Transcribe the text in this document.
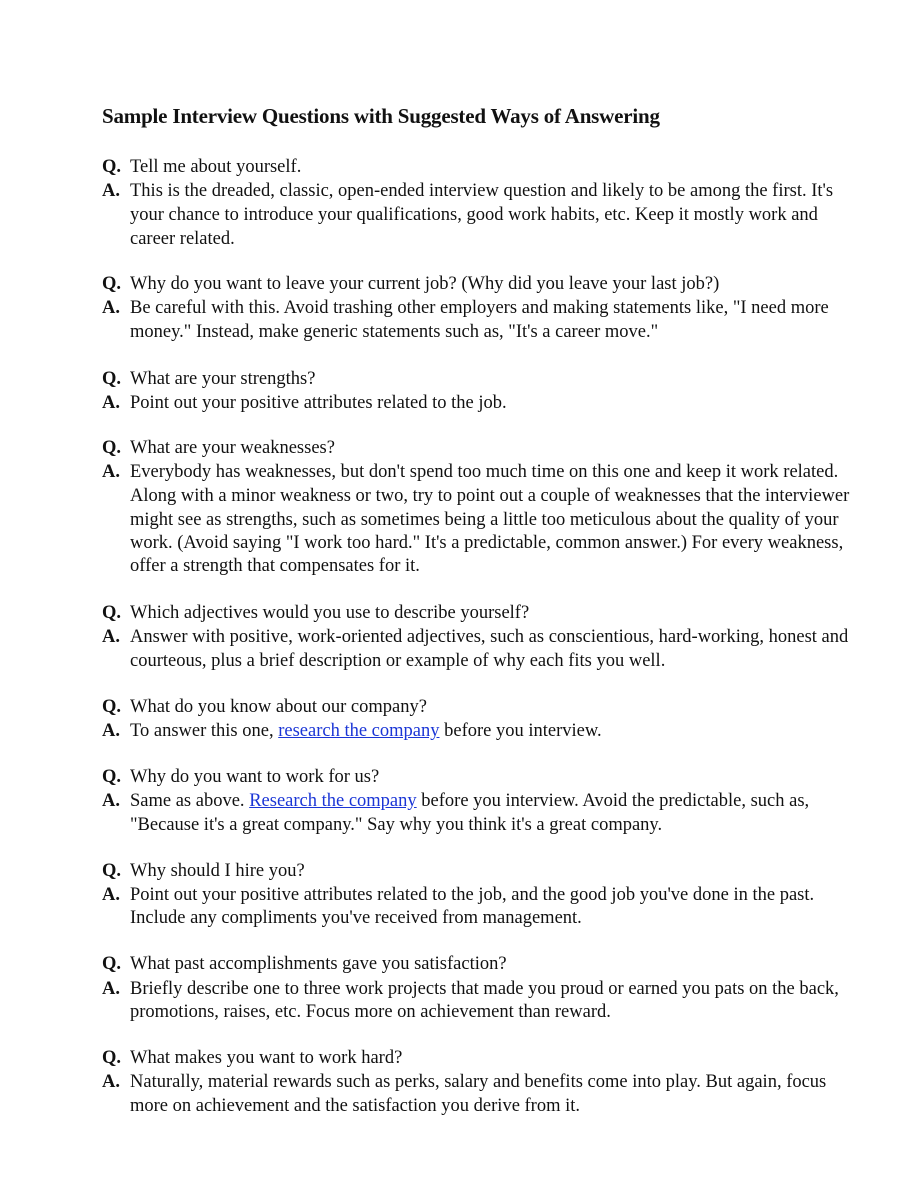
Sample Interview Questions with Suggested Ways of Answering
Q. Tell me about yourself.
A. This is the dreaded, classic, open-ended interview question and likely to be among the first. It's
your chance to introduce your qualifications, good work habits, etc. Keep it mostly work and
career related.
Q. Why do you want to leave your current job? (Why did you leave your last job?)
A. Be careful with this. Avoid trashing other employers and making statements like, "I need more
money." Instead, make generic statements such as, "It's a career move."
Q. What are your strengths?
A. Point out your positive attributes related to the job.
Q. What are your weaknesses?
A. Everybody has weaknesses, but don't spend too much time on this one and keep it work related.
Along with a minor weakness or two, try to point out a couple of weaknesses that the interviewer
might see as strengths, such as sometimes being a little too meticulous about the quality of your
work. (Avoid saying "I work too hard." It's a predictable, common answer.) For every weakness,
offer a strength that compensates for it.
Q. Which adjectives would you use to describe yourself?
A. Answer with positive, work-oriented adjectives, such as conscientious, hard-working, honest and
courteous, plus a brief description or example of why each fits you well.
Q. What do you know about our company?
A. To answer this one, research the company before you interview.
Q. Why do you want to work for us?
A. Same as above. Research the company before you interview. Avoid the predictable, such as,
"Because it's a great company." Say why you think it's a great company.
Q. Why should I hire you?
A. Point out your positive attributes related to the job, and the good job you've done in the past.
Include any compliments you've received from management.
Q. What past accomplishments gave you satisfaction?
A. Briefly describe one to three work projects that made you proud or earned you pats on the back,
promotions, raises, etc. Focus more on achievement than reward.
Q. What makes you want to work hard?
A. Naturally, material rewards such as perks, salary and benefits come into play. But again, focus
more on achievement and the satisfaction you derive from it.
